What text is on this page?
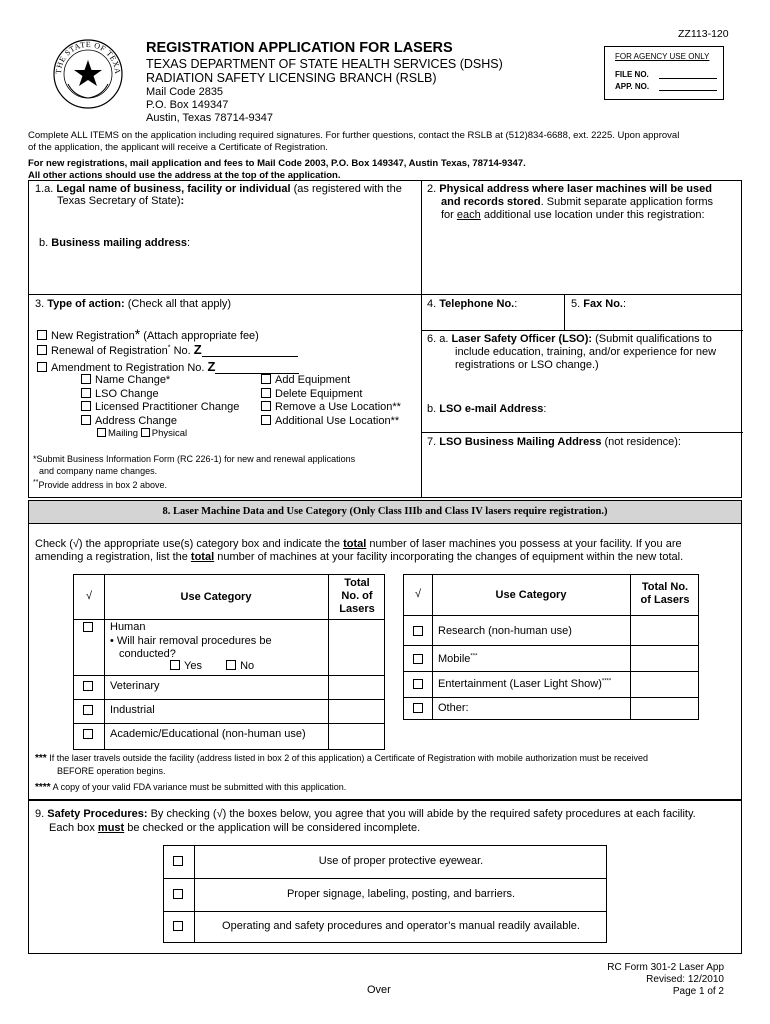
ZZ113-120
THE STATE OF TEXA
REGISTRATION APPLICATION FOR LASERS
TEXAS DEPARTMENT OF STATE HEALTH SERVICES (DSHS)
RADIATION SAFETY LICENSING BRANCH (RSLB)
Mail Code 2835
P.O. Box 149347
Austin, Texas 78714-9347
FOR AGENCY USE ONLY
FILE NO.
APP. NO.
Complete ALL ITEMS on the application including required signatures. For further questions, contact the RSLB at (512)834-6688, ext. 2225. Upon approval
of the application, the applicant will receive a Certificate of Registration.
For new registrations, mail application and fees to Mail Code 2003, P.O. Box 149347, Austin Texas, 78714-9347.
All other actions should use the address at the top of the application.
1.a. Legal name of business, facility or individual (as registered with the
Texas Secretary of State):
b. Business mailing address:
2. Physical address where laser machines will be used
and records stored. Submit separate application forms
for each additional use location under this registration:
3. Type of action: (Check all that apply)
New Registration* (Attach appropriate fee)
Renewal of Registration* No. Z
Amendment to Registration No. Z
Name Change*
LSO Change
Licensed Practitioner Change
Address Change
Mailing Physical
Add Equipment
Delete Equipment
Remove a Use Location**
Additional Use Location**
*Submit Business Information Form (RC 226-1) for new and renewal applications
and company name changes.
**Provide address in box 2 above.
4. Telephone No.:	5. Fax No.:
6. a. Laser Safety Officer (LSO): (Submit qualifications to
include education, training, and/or experience for new
registrations or LSO change.)
b. LSO e-mail Address:
7. LSO Business Mailing Address (not residence):
8. Laser Machine Data and Use Category (Only Class IIIb and Class IV lasers require registration.)
Check (√) the appropriate use(s) category box and indicate the total number of laser machines you possess at your facility. If you are
amending a registration, list the total number of machines at your facility incorporating the changes of equipment within the new total.
√	Use Category
Total
No. of
Lasers
Human
• Will hair removal procedures be
conducted?
Yes	No
Veterinary
Industrial
Academic/Educational (non-human use)
√	Use Category
Total No.
of Lasers
Research (non-human use)
Mobile***
Entertainment (Laser Light Show)****
Other:
*** If the laser travels outside the facility (address listed in box 2 of this application) a Certificate of Registration with mobile authorization must be received
BEFORE operation begins.
**** A copy of your valid FDA variance must be submitted with this application.
9. Safety Procedures: By checking (√) the boxes below, you agree that you will abide by the required safety procedures at each facility.
Each box must be checked or the application will be considered incomplete.
Use of proper protective eyewear.
Proper signage, labeling, posting, and barriers.
Operating and safety procedures and operator’s manual readily available.
Over
RC Form 301-2 Laser App
Revised: 12/2010
Page 1 of 2
